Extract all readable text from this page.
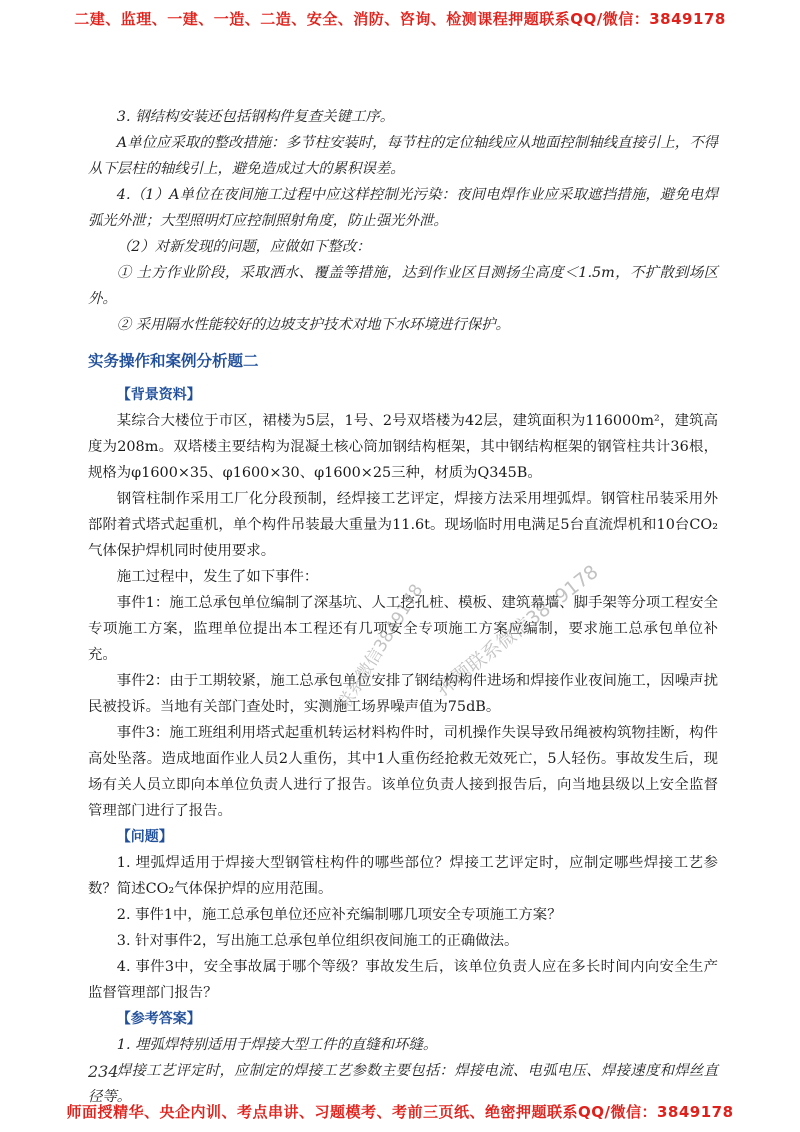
二建、监理、一建、一造、二造、安全、消防、咨询、检测课程押题联系QQ/微信：3849178

3. 钢结构安装还包括钢构件复查关键工序。

A单位应采取的整改措施：多节柱安装时，每节柱的定位轴线应从地面控制轴线直接引上，不得从下层柱的轴线引上，避免造成过大的累积误差。

4.（1）A单位在夜间施工过程中应这样控制光污染：夜间电焊作业应采取遮挡措施，避免电焊弧光外泄；大型照明灯应控制照射角度，防止强光外泄。

（2）对新发现的问题，应做如下整改：

① 土方作业阶段，采取洒水、覆盖等措施，达到作业区目测扬尘高度＜1.5m，不扩散到场区外。

② 采用隔水性能较好的边坡支护技术对地下水环境进行保护。

实务操作和案例分析题二

【背景资料】

某综合大楼位于市区，裙楼为5层，1号、2号双塔楼为42层，建筑面积为116000m²，建筑高度为208m。双塔楼主要结构为混凝土核心筒加钢结构框架，其中钢结构框架的钢管柱共计36根，规格为φ1600×35、φ1600×30、φ1600×25三种，材质为Q345B。

钢管柱制作采用工厂化分段预制，经焊接工艺评定，焊接方法采用埋弧焊。钢管柱吊装采用外部附着式塔式起重机，单个构件吊装最大重量为11.6t。现场临时用电满足5台直流焊机和10台CO₂气体保护焊机同时使用要求。

施工过程中，发生了如下事件：

事件1：施工总承包单位编制了深基坑、人工挖孔桩、模板、建筑幕墙、脚手架等分项工程安全专项施工方案，监理单位提出本工程还有几项安全专项施工方案应编制，要求施工总承包单位补充。

事件2：由于工期较紧，施工总承包单位安排了钢结构构件进场和焊接作业夜间施工，因噪声扰民被投诉。当地有关部门查处时，实测施工场界噪声值为75dB。

事件3：施工班组利用塔式起重机转运材料构件时，司机操作失误导致吊绳被构筑物挂断，构件高处坠落。造成地面作业人员2人重伤，其中1人重伤经抢救无效死亡，5人轻伤。事故发生后，现场有关人员立即向本单位负责人进行了报告。该单位负责人接到报告后，向当地县级以上安全监督管理部门进行了报告。

【问题】

1. 埋弧焊适用于焊接大型钢管柱构件的哪些部位？焊接工艺评定时，应制定哪些焊接工艺参数？简述CO₂气体保护焊的应用范围。

2. 事件1中，施工总承包单位还应补充编制哪几项安全专项施工方案？

3. 针对事件2，写出施工总承包单位组织夜间施工的正确做法。

4. 事件3中，安全事故属于哪个等级？事故发生后，该单位负责人应在多长时间内向安全生产监督管理部门报告？

【参考答案】

1. 埋弧焊特别适用于焊接大型工件的直缝和环缝。

焊接工艺评定时，应制定的焊接工艺参数主要包括：焊接电流、电弧电压、焊接速度和焊丝直径等。

联系微信3849178 押题联系微信3849178
234
师面授精华、央企内训、考点串讲、习题模考、考前三页纸、绝密押题联系QQ/微信：3849178
